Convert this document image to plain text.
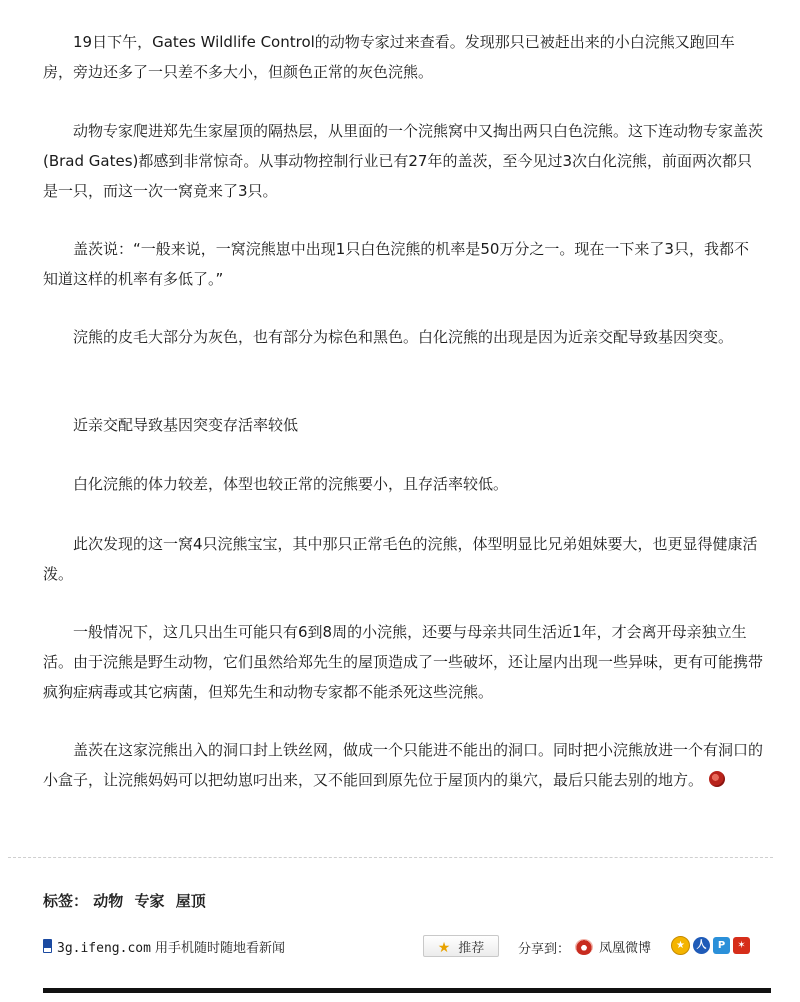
19日下午，Gates Wildlife Control的动物专家过来查看。发现那只已被赶出来的小白浣熊又跑回车房，旁边还多了一只差不多大小，但颜色正常的灰色浣熊。

动物专家爬进郑先生家屋顶的隔热层，从里面的一个浣熊窝中又掏出两只白色浣熊。这下连动物专家盖茨(Brad Gates)都感到非常惊奇。从事动物控制行业已有27年的盖茨，至今见过3次白化浣熊，前面两次都只是一只，而这一次一窝竟来了3只。

盖茨说：“一般来说，一窝浣熊崽中出现1只白色浣熊的机率是50万分之一。现在一下来了3只，我都不知道这样的机率有多低了。”

浣熊的皮毛大部分为灰色，也有部分为棕色和黑色。白化浣熊的出现是因为近亲交配导致基因突变。

近亲交配导致基因突变存活率较低

白化浣熊的体力较差，体型也较正常的浣熊要小，且存活率较低。

此次发现的这一窝4只浣熊宝宝，其中那只正常毛色的浣熊，体型明显比兄弟姐妹要大，也更显得健康活泼。

一般情况下，这几只出生可能只有6到8周的小浣熊，还要与母亲共同生活近1年，才会离开母亲独立生活。由于浣熊是野生动物，它们虽然给郑先生的屋顶造成了一些破坏，还让屋内出现一些异味，更有可能携带疯狗症病毒或其它病菌，但郑先生和动物专家都不能杀死这些浣熊。

盖茨在这家浣熊出入的洞口封上铁丝网，做成一个只能进不能出的洞口。同时把小浣熊放进一个有洞口的小盒子，让浣熊妈妈可以把幼崽叼出来，又不能回到原先位于屋顶内的巢穴，最后只能去别的地方。

标签： 动物 专家 屋顶
3g.ifeng.com 用手机随时随地看新闻	★ 推荐	分享到：	凤凰微博	★ 人 P ✶
